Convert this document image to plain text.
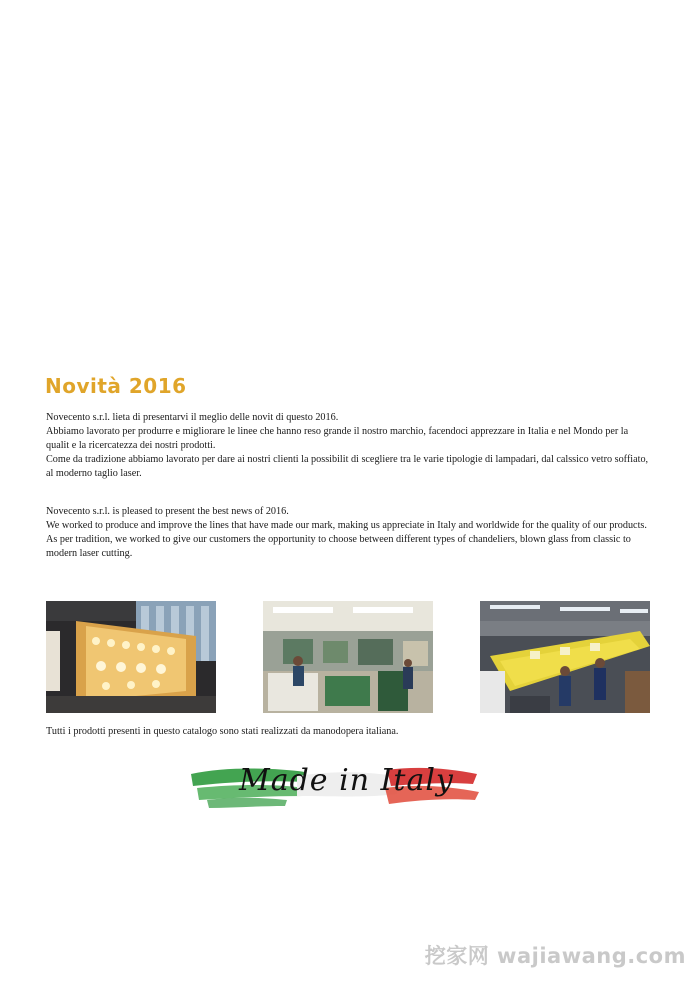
Novità 2016

Novecento s.r.l. lieta di presentarvi il meglio delle novit di questo 2016.

Abbiamo lavorato per produrre e migliorare le linee che hanno reso grande il nostro marchio, facendoci apprezzare in Italia e nel Mondo per la qualit e la ricercatezza dei nostri prodotti.

Come da tradizione abbiamo lavorato per dare ai nostri clienti la possibilit di scegliere tra le varie tipologie di lampadari, dal calssico vetro soffiato, al moderno taglio laser.

Novecento s.r.l. is pleased to present the best news of 2016.

We worked to produce and improve the lines that have made our mark, making us appreciate in Italy and worldwide for the quality of our products.

As per tradition, we worked to give our customers the opportunity to choose between different types of chandeliers, blown glass from classic to modern laser cutting.

Tutti i prodotti presenti in questo catalogo sono stati realizzati da manodopera italiana.
Made in Italy
挖家网 wajiawang.com
